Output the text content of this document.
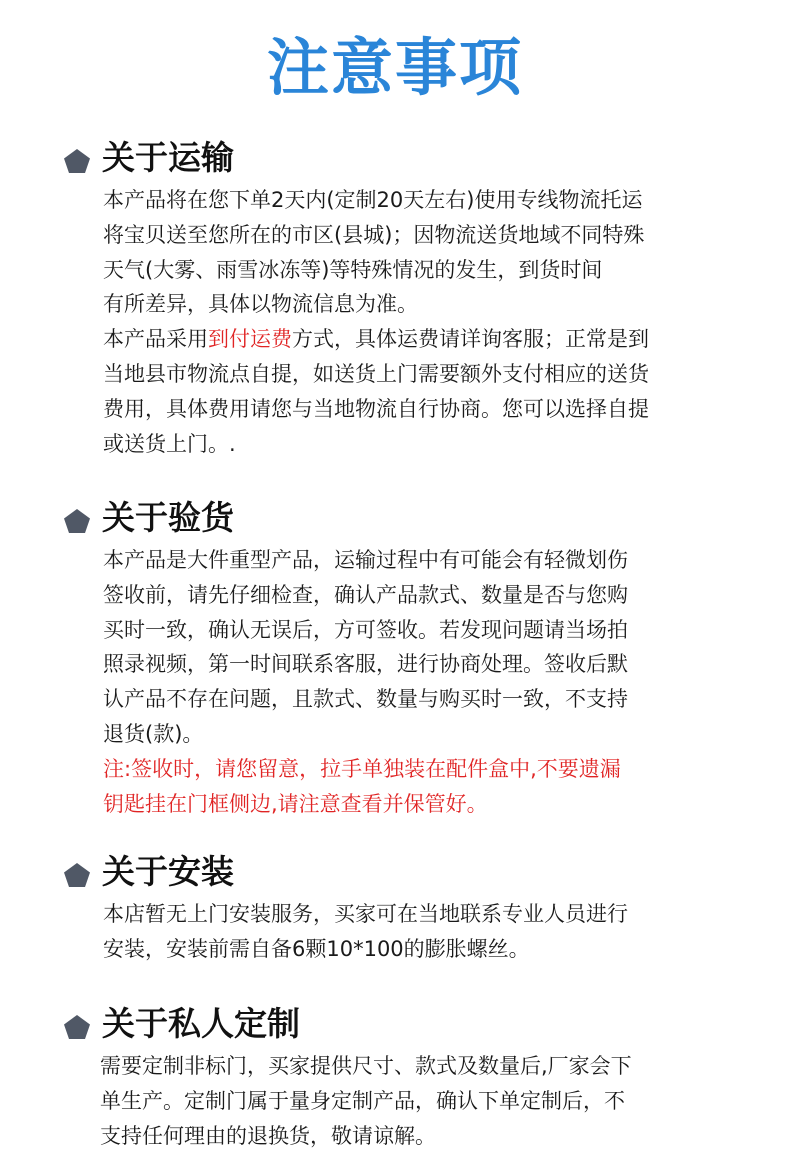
注意事项
关于运输
本产品将在您下单2天内(定制20天左右)使用专线物流托运
将宝贝送至您所在的市区(县城)；因物流送货地域不同特殊
天气(大雾、雨雪冰冻等)等特殊情况的发生，到货时间
有所差异，具体以物流信息为准。
本产品采用到付运费方式，具体运费请详询客服；正常是到
当地县市物流点自提，如送货上门需要额外支付相应的送货
费用，具体费用请您与当地物流自行协商。您可以选择自提
或送货上门。.
关于验货
本产品是大件重型产品，运输过程中有可能会有轻微划伤
签收前，请先仔细检查，确认产品款式、数量是否与您购
买时一致，确认无误后，方可签收。若发现问题请当场拍
照录视频，第一时间联系客服，进行协商处理。签收后默
认产品不存在问题，且款式、数量与购买时一致，不支持
退货(款)。
注:签收时，请您留意，拉手单独装在配件盒中,不要遗漏
钥匙挂在门框侧边,请注意查看并保管好。
关于安装
本店暂无上门安装服务，买家可在当地联系专业人员进行
安装，安装前需自备6颗10*100的膨胀螺丝。
关于私人定制
需要定制非标门，买家提供尺寸、款式及数量后,厂家会下
单生产。定制门属于量身定制产品，确认下单定制后，不
支持任何理由的退换货，敬请谅解。
